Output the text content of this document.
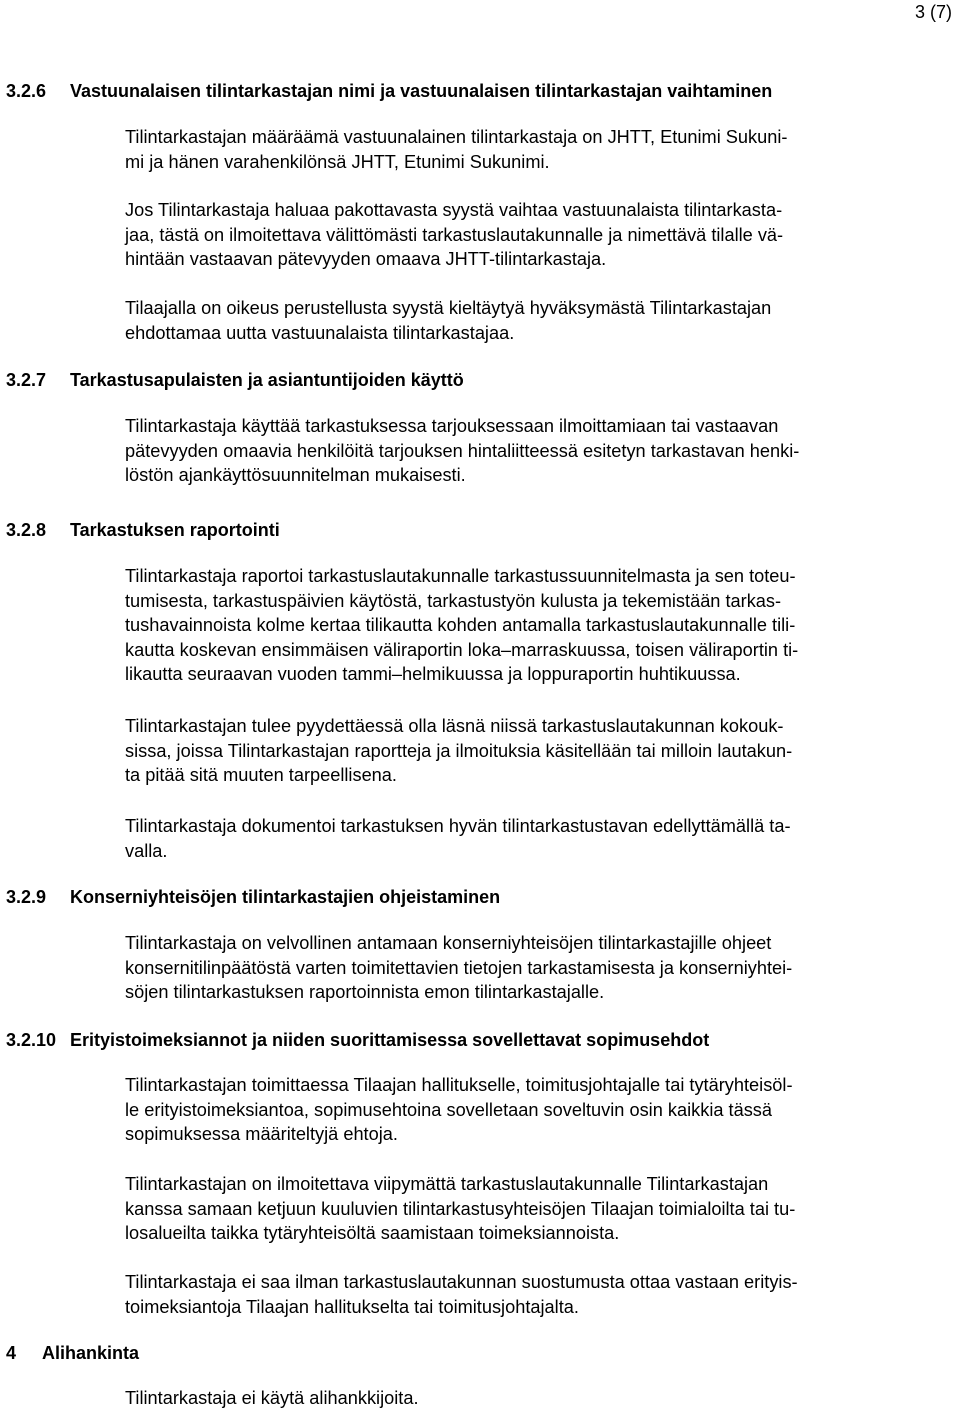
3 (7)
3.2.6 Vastuunalaisen tilintarkastajan nimi ja vastuunalaisen tilintarkastajan vaihtaminen
Tilintarkastajan määräämä vastuunalainen tilintarkastaja on JHTT, Etunimi Sukuni-
mi ja hänen varahenkilönsä JHTT, Etunimi Sukunimi.
Jos Tilintarkastaja haluaa pakottavasta syystä vaihtaa vastuunalaista tilintarkasta-
jaa, tästä on ilmoitettava välittömästi tarkastuslautakunnalle ja nimettävä tilalle vä-
hintään vastaavan pätevyyden omaava JHTT-tilintarkastaja.
Tilaajalla on oikeus perustellusta syystä kieltäytyä hyväksymästä Tilintarkastajan
ehdottamaa uutta vastuunalaista tilintarkastajaa.
3.2.7 Tarkastusapulaisten ja asiantuntijoiden käyttö
Tilintarkastaja käyttää tarkastuksessa tarjouksessaan ilmoittamiaan tai vastaavan
pätevyyden omaavia henkilöitä tarjouksen hintaliitteessä esitetyn tarkastavan henki-
löstön ajankäyttösuunnitelman mukaisesti.
3.2.8 Tarkastuksen raportointi
Tilintarkastaja raportoi tarkastuslautakunnalle tarkastussuunnitelmasta ja sen toteu-
tumisesta, tarkastuspäivien käytöstä, tarkastustyön kulusta ja tekemistään tarkas-
tushavainnoista kolme kertaa tilikautta kohden antamalla tarkastuslautakunnalle tili-
kautta koskevan ensimmäisen väliraportin loka–marraskuussa, toisen väliraportin ti-
likautta seuraavan vuoden tammi–helmikuussa ja loppuraportin huhtikuussa.
Tilintarkastajan tulee pyydettäessä olla läsnä niissä tarkastuslautakunnan kokouk-
sissa, joissa Tilintarkastajan raportteja ja ilmoituksia käsitellään tai milloin lautakun-
ta pitää sitä muuten tarpeellisena.
Tilintarkastaja dokumentoi tarkastuksen hyvän tilintarkastustavan edellyttämällä ta-
valla.
3.2.9 Konserniyhteisöjen tilintarkastajien ohjeistaminen
Tilintarkastaja on velvollinen antamaan konserniyhteisöjen tilintarkastajille ohjeet
konsernitilinpäätöstä varten toimitettavien tietojen tarkastamisesta ja konserniyhtei-
söjen tilintarkastuksen raportoinnista emon tilintarkastajalle.
3.2.10 Erityistoimeksiannot ja niiden suorittamisessa sovellettavat sopimusehdot
Tilintarkastajan toimittaessa Tilaajan hallitukselle, toimitusjohtajalle tai tytäryhteisöl-
le erityistoimeksiantoa, sopimusehtoina sovelletaan soveltuvin osin kaikkia tässä
sopimuksessa määriteltyjä ehtoja.
Tilintarkastajan on ilmoitettava viipymättä tarkastuslautakunnalle Tilintarkastajan
kanssa samaan ketjuun kuuluvien tilintarkastusyhteisöjen Tilaajan toimialoilta tai tu-
losalueilta taikka tytäryhteisöltä saamistaan toimeksiannoista.
Tilintarkastaja ei saa ilman tarkastuslautakunnan suostumusta ottaa vastaan erityis-
toimeksiantoja Tilaajan hallitukselta tai toimitusjohtajalta.
4 Alihankinta
Tilintarkastaja ei käytä alihankkijoita.
